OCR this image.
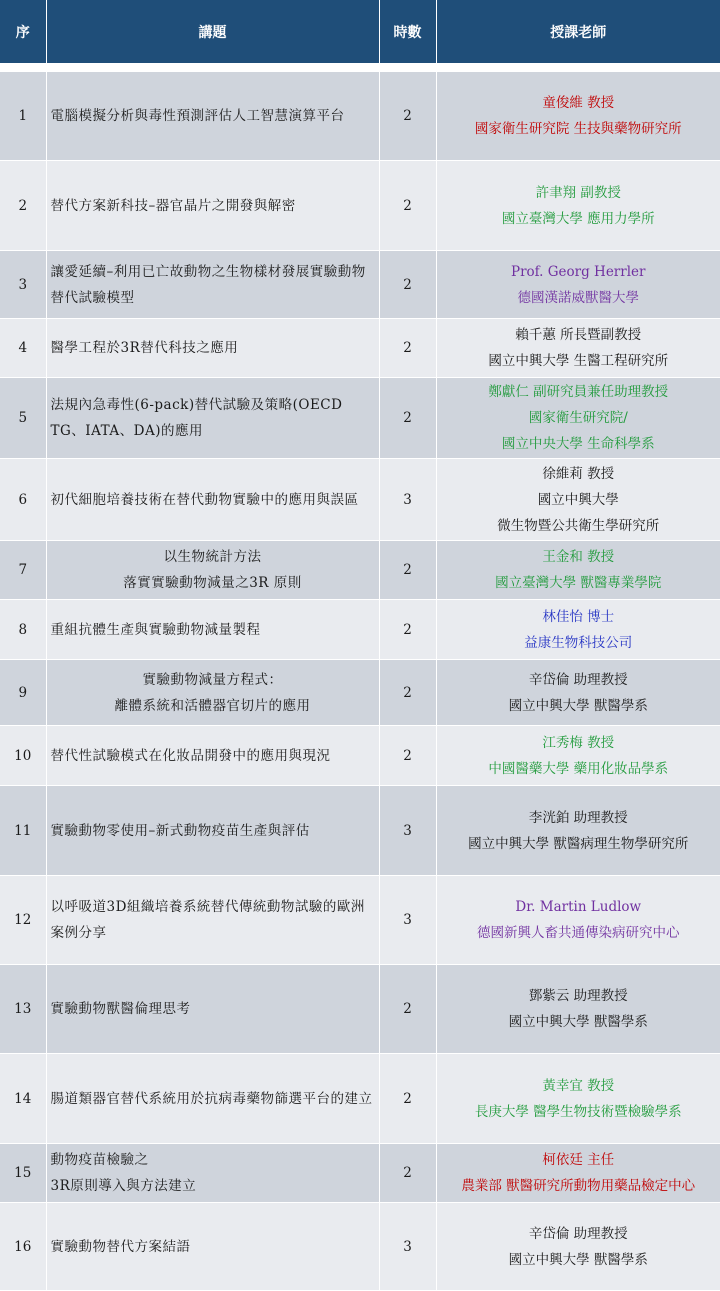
序	講題	時數	授課老師

1	電腦模擬分析與毒性預測評估人工智慧演算平台	2	童俊維 教授
國家衛生研究院 生技與藥物研究所

2	替代方案新科技–器官晶片之開發與解密	2	許聿翔 副教授
國立臺灣大學 應用力學所

3	讓愛延續–利用已亡故動物之生物樣材發展實驗動物替代試驗模型	2	Prof. Georg Herrler
德國漢諾威獸醫大學

4	醫學工程於3R替代科技之應用	2	賴千蕙 所長暨副教授
國立中興大學 生醫工程研究所

5	法規內急毒性(6-pack)替代試驗及策略(OECD TG、IATA、DA)的應用	2	鄭獻仁 副研究員兼任助理教授
國家衛生研究院/
國立中央大學 生命科學系

6	初代細胞培養技術在替代動物實驗中的應用與誤區	3	徐維莉 教授
國立中興大學
微生物暨公共衛生學研究所

7	以生物統計方法
落實實驗動物減量之3R 原則	2	王金和 教授
國立臺灣大學 獸醫專業學院

8	重組抗體生產與實驗動物減量製程	2	林佳怡 博士
益康生物科技公司

9	實驗動物減量方程式：
離體系統和活體器官切片的應用	2	辛岱倫 助理教授
國立中興大學 獸醫學系

10	替代性試驗模式在化妝品開發中的應用與現況	2	江秀梅 教授
中國醫藥大學 藥用化妝品學系

11	實驗動物零使用–新式動物疫苗生產與評估	3	李洸鉑 助理教授
國立中興大學 獸醫病理生物學研究所

12	以呼吸道3D組織培養系統替代傳統動物試驗的歐洲案例分享	3	Dr. Martin Ludlow
德國新興人畜共通傳染病研究中心

13	實驗動物獸醫倫理思考	2	鄧紫云 助理教授
國立中興大學 獸醫學系

14	腸道類器官替代系統用於抗病毒藥物篩選平台的建立	2	黃幸宜 教授
長庚大學 醫學生物技術暨檢驗學系

15	動物疫苗檢驗之
3R原則導入與方法建立	2	柯依廷 主任
農業部 獸醫研究所動物用藥品檢定中心

16	實驗動物替代方案結語	3	辛岱倫 助理教授
國立中興大學 獸醫學系
